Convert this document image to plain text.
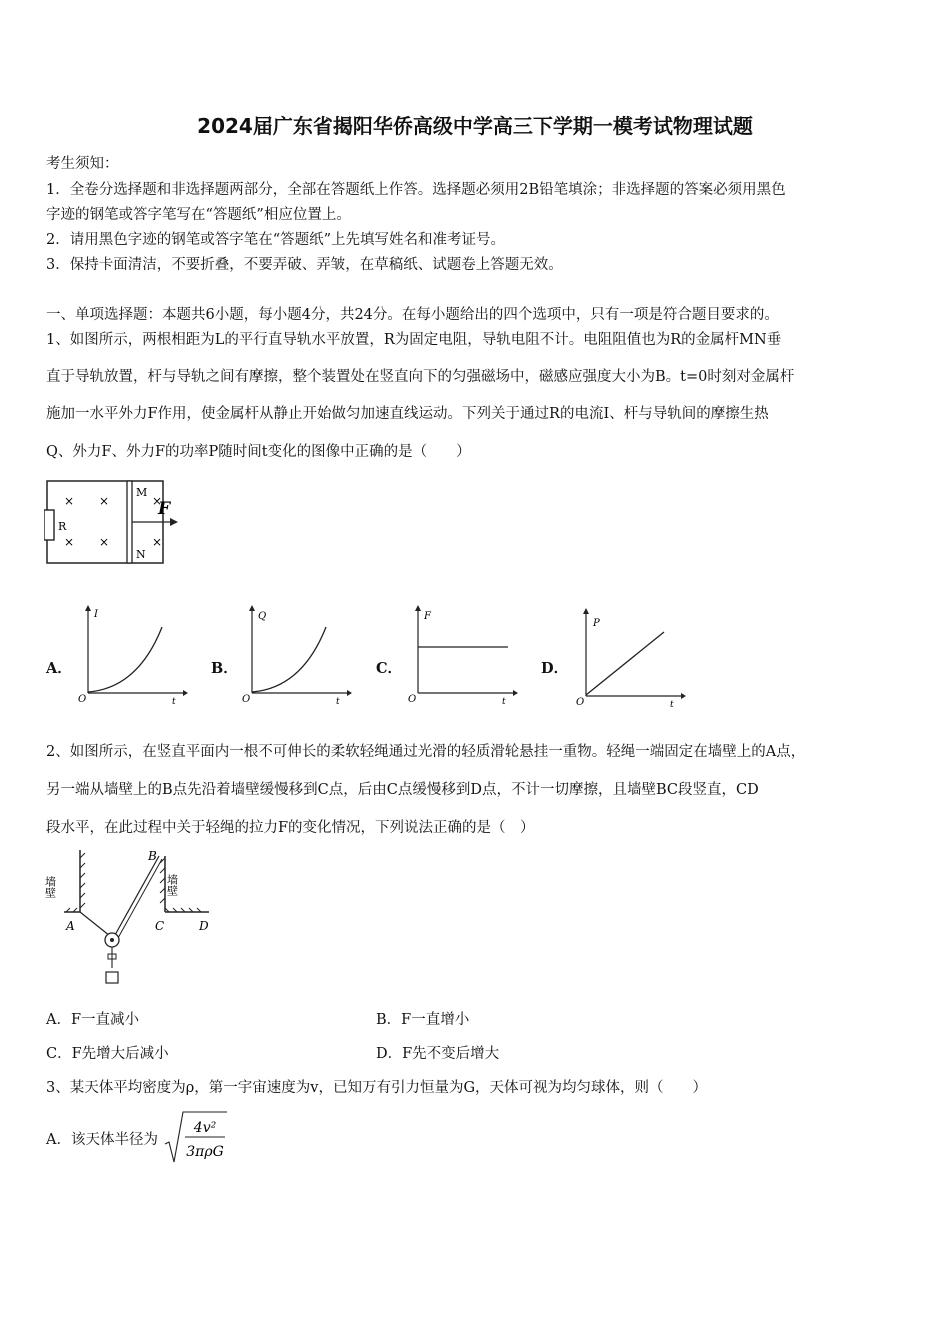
2024届广东省揭阳华侨高级中学高三下学期一模考试物理试题
考生须知：
1．全卷分选择题和非选择题两部分，全部在答题纸上作答。选择题必须用2B铅笔填涂；非选择题的答案必须用黑色
字迹的钢笔或答字笔写在“答题纸”相应位置上。
2．请用黑色字迹的钢笔或答字笔在“答题纸”上先填写姓名和准考证号。
3．保持卡面清洁，不要折叠，不要弄破、弄皱，在草稿纸、试题卷上答题无效。
一、单项选择题：本题共6小题，每小题4分，共24分。在每小题给出的四个选项中，只有一项是符合题目要求的。
1、如图所示，两根相距为L的平行直导轨水平放置，R为固定电阻，导轨电阻不计。电阻阻值也为R的金属杆MN垂
直于导轨放置，杆与导轨之间有摩擦，整个装置处在竖直向下的匀强磁场中，磁感应强度大小为B。t=0时刻对金属杆
施加一水平外力F作用，使金属杆从静止开始做匀加速直线运动。下列关于通过R的电流I、杆与导轨间的摩擦生热
Q、外力F、外力F的功率P随时间t变化的图像中正确的是（　　）
R
M
N
× ×	×
× ×	×
F
A．
I
t
O
B．
Q
t
O
C．
F
t
O
D．
P
t
O
2、如图所示，在竖直平面内一根不可伸长的柔软轻绳通过光滑的轻质滑轮悬挂一重物。轻绳一端固定在墙壁上的A点，
另一端从墙壁上的B点先沿着墙壁缓慢移到C点，后由C点缓慢移到D点，不计一切摩擦，且墙壁BC段竖直，CD
段水平，在此过程中关于轻绳的拉力F的变化情况，下列说法正确的是（　）
墙壁	墙壁
A
B
C	D
A．F一直减小	B．F一直增小
C．F先增大后减小	D．F先不变后增大
3、某天体平均密度为ρ，第一宇宙速度为v，已知万有引力恒量为G，天体可视为均匀球体，则（　　）
A．该天体半径为
4v²
3πρG
